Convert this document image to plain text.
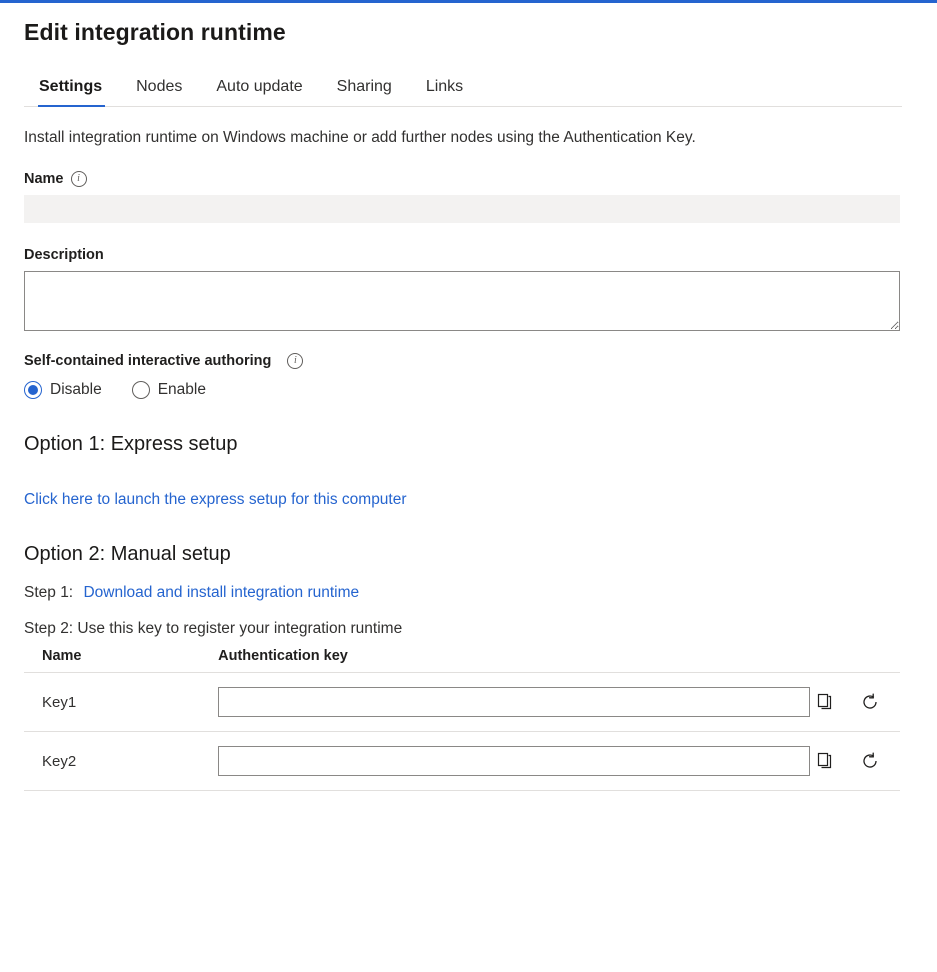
Edit integration runtime
Settings	Nodes	Auto update	Sharing	Links

Install integration runtime on Windows machine or add further nodes using the Authentication Key.

Name	i
Description
Self-contained interactive authoring	i
Disable	Enable
Option 1: Express setup
Click here to launch the express setup for this computer
Option 2: Manual setup
Step 1: Download and install integration runtime
Step 2: Use this key to register your integration runtime
Name	Authentication key	
Key1		

Key2		
